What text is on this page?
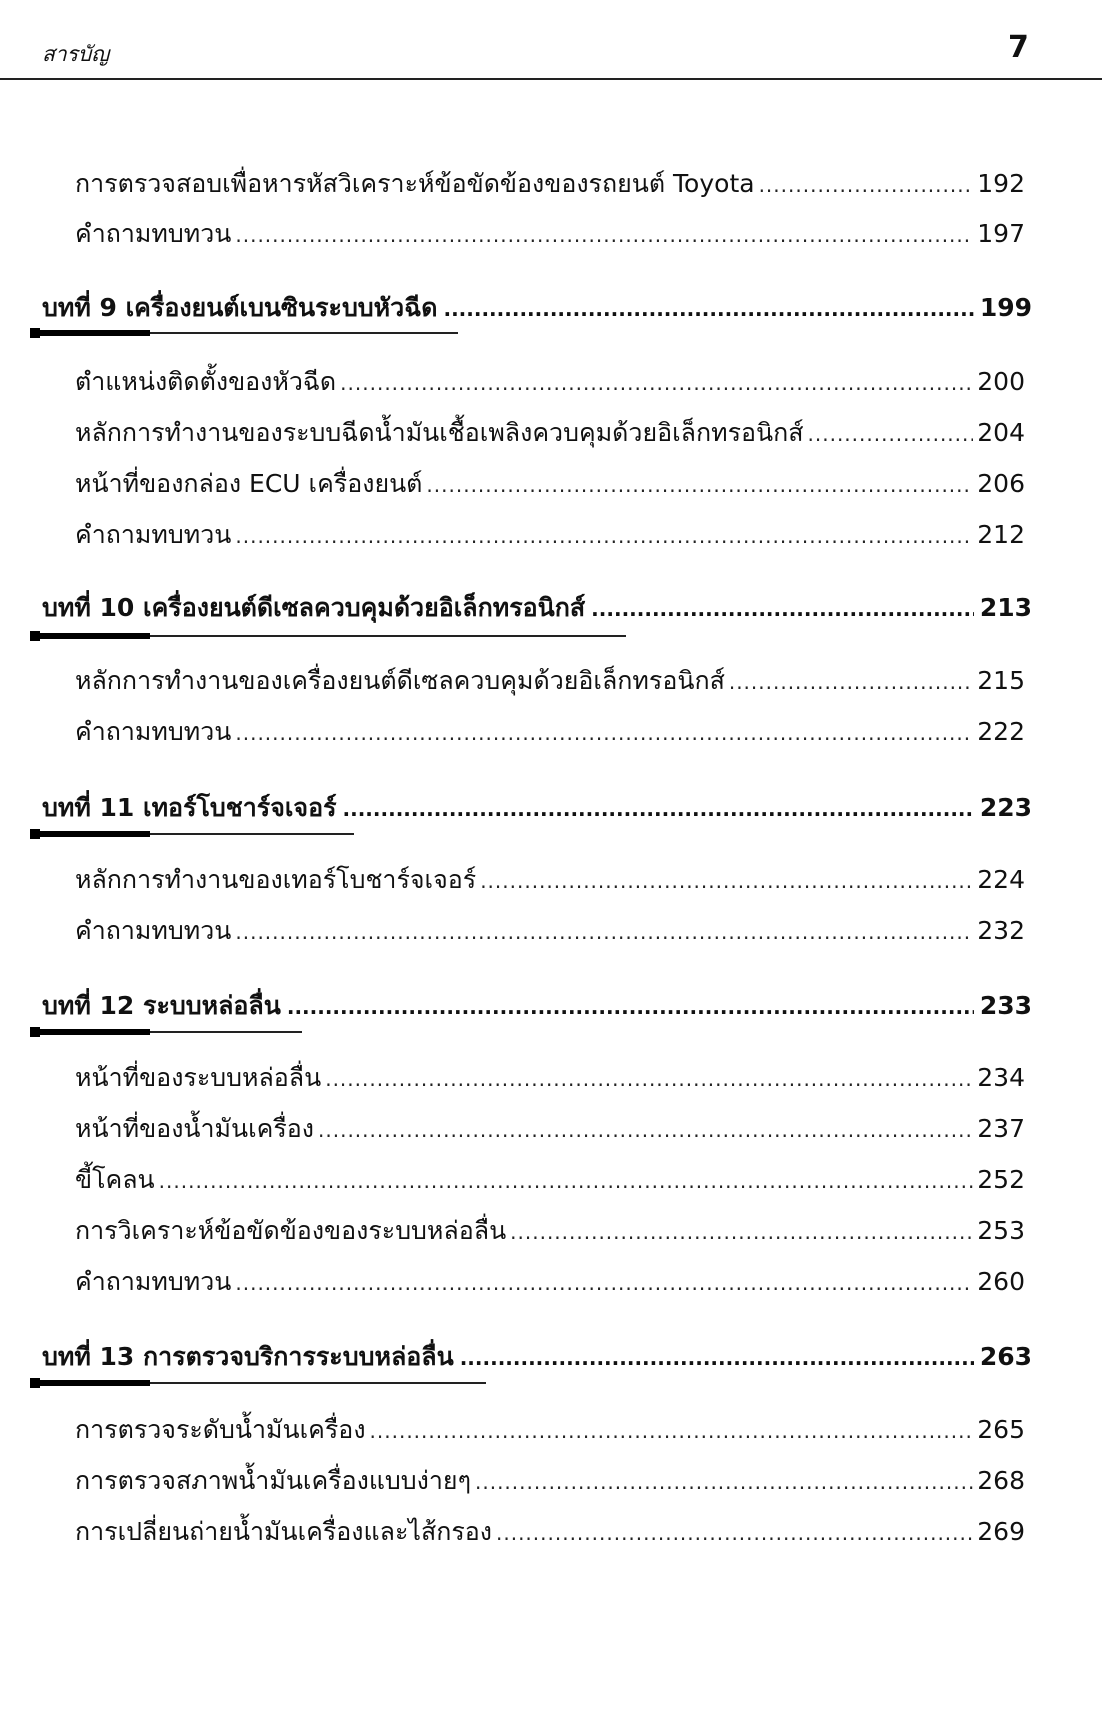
สารบัญ	7
การตรวจสอบเพื่อหารหัสวิเคราะห์ข้อขัดข้องของรถยนต์ Toyota .....	192
คำถามทบทวน .....	197
บทที่ 9 เครื่องยนต์เบนซินระบบหัวฉีด .....	199
ตำแหน่งติดตั้งของหัวฉีด .....	200
หลักการทำงานของระบบฉีดน้ำมันเชื้อเพลิงควบคุมด้วยอิเล็กทรอนิกส์ .....	204
หน้าที่ของกล่อง ECU เครื่องยนต์ .....	206
คำถามทบทวน .....	212
บทที่ 10 เครื่องยนต์ดีเซลควบคุมด้วยอิเล็กทรอนิกส์ .....	213
หลักการทำงานของเครื่องยนต์ดีเซลควบคุมด้วยอิเล็กทรอนิกส์ .....	215
คำถามทบทวน .....	222
บทที่ 11 เทอร์โบชาร์จเจอร์ .....	223
หลักการทำงานของเทอร์โบชาร์จเจอร์ .....	224
คำถามทบทวน .....	232
บทที่ 12 ระบบหล่อลื่น .....	233
หน้าที่ของระบบหล่อลื่น .....	234
หน้าที่ของน้ำมันเครื่อง .....	237
ขี้โคลน .....	252
การวิเคราะห์ข้อขัดข้องของระบบหล่อลื่น .....	253
คำถามทบทวน .....	260
บทที่ 13 การตรวจบริการระบบหล่อลื่น .....	263
การตรวจระดับน้ำมันเครื่อง .....	265
การตรวจสภาพน้ำมันเครื่องแบบง่ายๆ .....	268
การเปลี่ยนถ่ายน้ำมันเครื่องและไส้กรอง .....	269
